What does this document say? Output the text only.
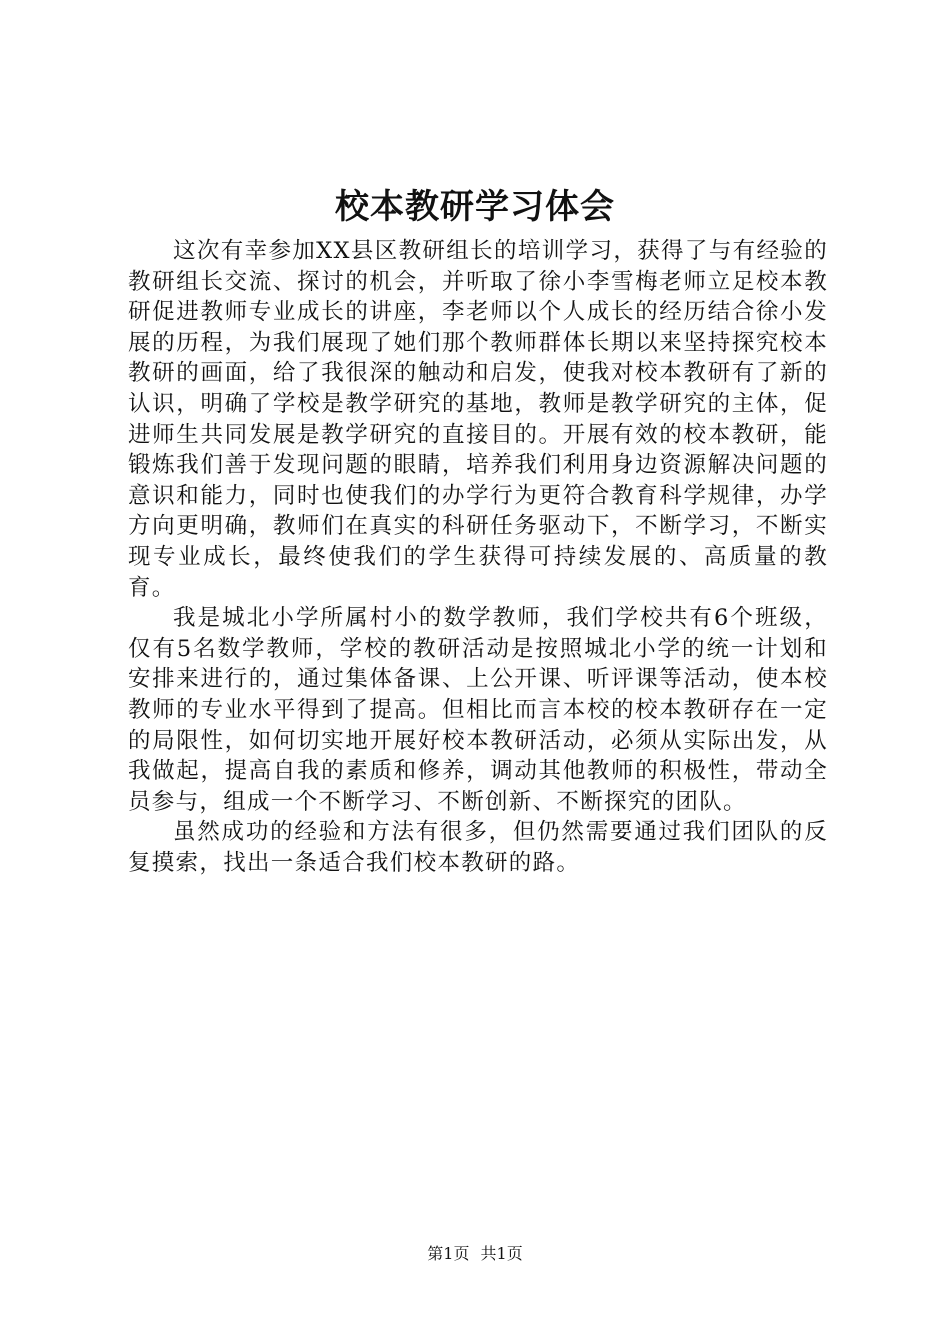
校本教研学习体会

这次有幸参加XX县区教研组长的培训学习，获得了与有经验的教研组长交流、探讨的机会，并听取了徐小李雪梅老师立足校本教研促进教师专业成长的讲座，李老师以个人成长的经历结合徐小发展的历程，为我们展现了她们那个教师群体长期以来坚持探究校本教研的画面，给了我很深的触动和启发，使我对校本教研有了新的认识，明确了学校是教学研究的基地，教师是教学研究的主体，促进师生共同发展是教学研究的直接目的。开展有效的校本教研，能锻炼我们善于发现问题的眼睛，培养我们利用身边资源解决问题的意识和能力，同时也使我们的办学行为更符合教育科学规律，办学方向更明确，教师们在真实的科研任务驱动下，不断学习，不断实现专业成长，最终使我们的学生获得可持续发展的、高质量的教育。

我是城北小学所属村小的数学教师，我们学校共有6个班级，仅有5名数学教师，学校的教研活动是按照城北小学的统一计划和安排来进行的，通过集体备课、上公开课、听评课等活动，使本校教师的专业水平得到了提高。但相比而言本校的校本教研存在一定的局限性，如何切实地开展好校本教研活动，必须从实际出发，从我做起，提高自我的素质和修养，调动其他教师的积极性，带动全员参与，组成一个不断学习、不断创新、不断探究的团队。

虽然成功的经验和方法有很多，但仍然需要通过我们团队的反复摸索，找出一条适合我们校本教研的路。

第1页 共1页
